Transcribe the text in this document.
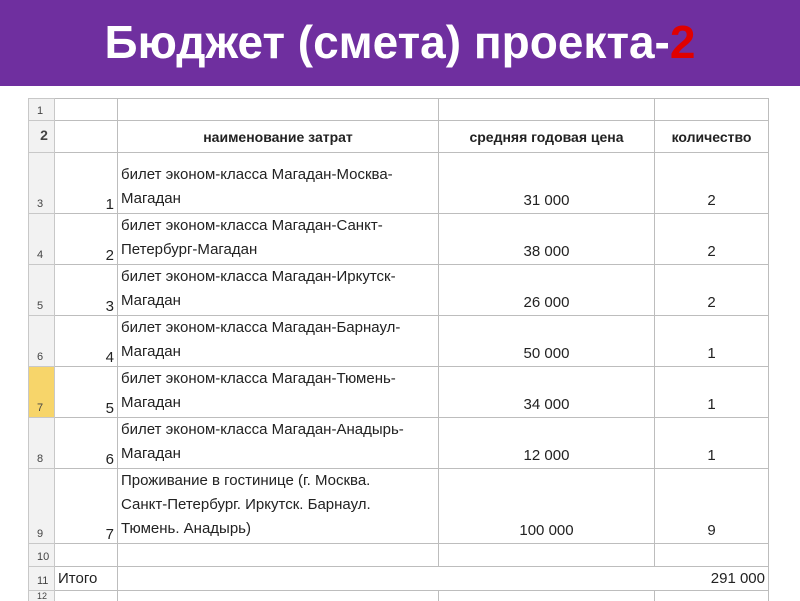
Бюджет (смета) проекта-2
1				
2		наименование затрат	средняя годовая цена	количество
3	1	билет эконом-класса Магадан-Москва-
Магадан	31 000	2
4	2	билет эконом-класса Магадан-Санкт-
Петербург-Магадан	38 000	2
5	3	билет эконом-класса Магадан-Иркутск-
Магадан	26 000	2
6	4	билет эконом-класса Магадан-Барнаул-
Магадан	50 000	1
7	5	билет эконом-класса Магадан-Тюмень-
Магадан	34 000	1
8	6	билет эконом-класса Магадан-Анадырь-
Магадан	12 000	1
9	7	Проживание в гостинице (г. Москва.
Санкт-Петербург. Иркутск. Барнаул.
Тюмень. Анадырь)	100 000	9
10				
11	Итого	291 000		
12				
